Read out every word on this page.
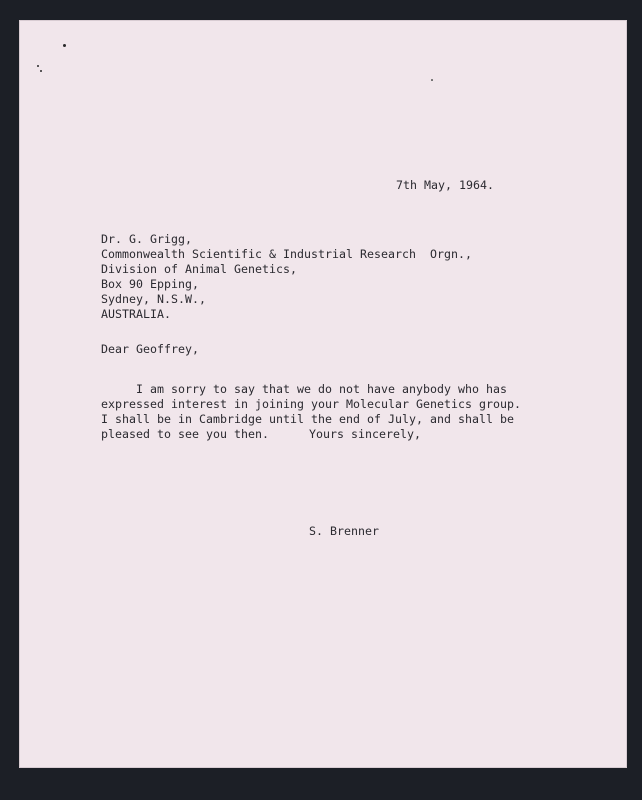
7th May, 1964.

Dr. G. Grigg,
Commonwealth Scientific & Industrial Research  Orgn.,
Division of Animal Genetics,
Box 90 Epping,
Sydney, N.S.W.,
AUSTRALIA.

Dear Geoffrey,

I am sorry to say that we do not have anybody who has
expressed interest in joining your Molecular Genetics group.
I shall be in Cambridge until the end of July, and shall be
pleased to see you then.	Yours sincerely,

S. Brenner
